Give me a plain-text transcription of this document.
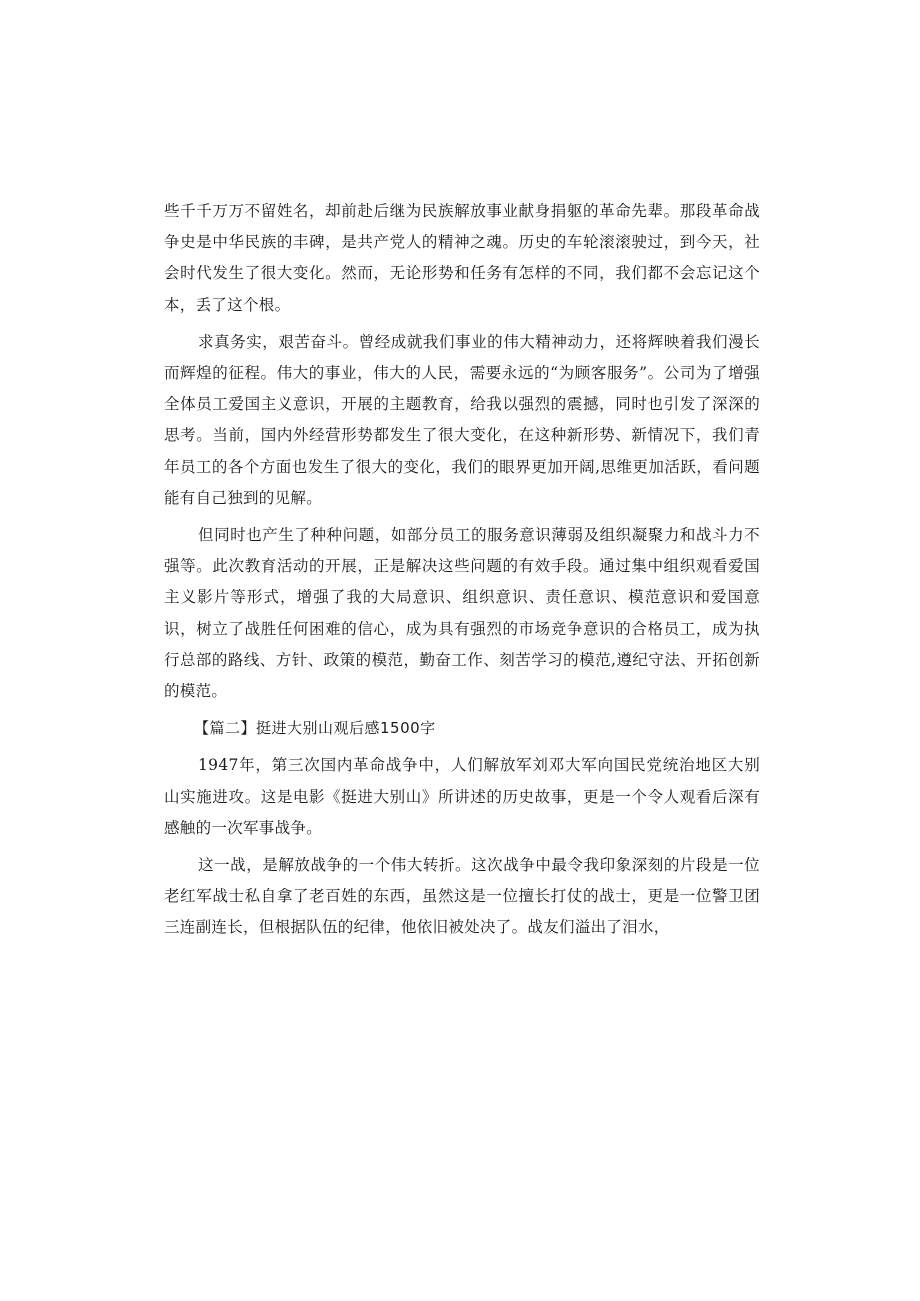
些千千万万不留姓名，却前赴后继为民族解放事业献身捐躯的革命先辈。那段革命战争史是中华民族的丰碑，是共产党人的精神之魂。历史的车轮滚滚驶过，到今天，社会时代发生了很大变化。然而，无论形势和任务有怎样的不同，我们都不会忘记这个本，丢了这个根。

求真务实，艰苦奋斗。曾经成就我们事业的伟大精神动力，还将辉映着我们漫长而辉煌的征程。伟大的事业，伟大的人民，需要永远的“为顾客服务”。公司为了增强全体员工爱国主义意识，开展的主题教育，给我以强烈的震撼，同时也引发了深深的思考。当前，国内外经营形势都发生了很大变化，在这种新形势、新情况下，我们青年员工的各个方面也发生了很大的变化，我们的眼界更加开阔,思维更加活跃，看问题能有自己独到的见解。

但同时也产生了种种问题，如部分员工的服务意识薄弱及组织凝聚力和战斗力不强等。此次教育活动的开展，正是解决这些问题的有效手段。通过集中组织观看爱国主义影片等形式，增强了我的大局意识、组织意识、责任意识、模范意识和爱国意识，树立了战胜任何困难的信心，成为具有强烈的市场竞争意识的合格员工，成为执行总部的路线、方针、政策的模范，勤奋工作、刻苦学习的模范,遵纪守法、开拓创新的模范。

【篇二】挺进大别山观后感1500字

1947年，第三次国内革命战争中，人们解放军刘邓大军向国民党统治地区大别山实施进攻。这是电影《挺进大别山》所讲述的历史故事，更是一个令人观看后深有感触的一次军事战争。

这一战，是解放战争的一个伟大转折。这次战争中最令我印象深刻的片段是一位老红军战士私自拿了老百姓的东西，虽然这是一位擅长打仗的战士，更是一位警卫团三连副连长，但根据队伍的纪律，他依旧被处决了。战友们溢出了泪水，
